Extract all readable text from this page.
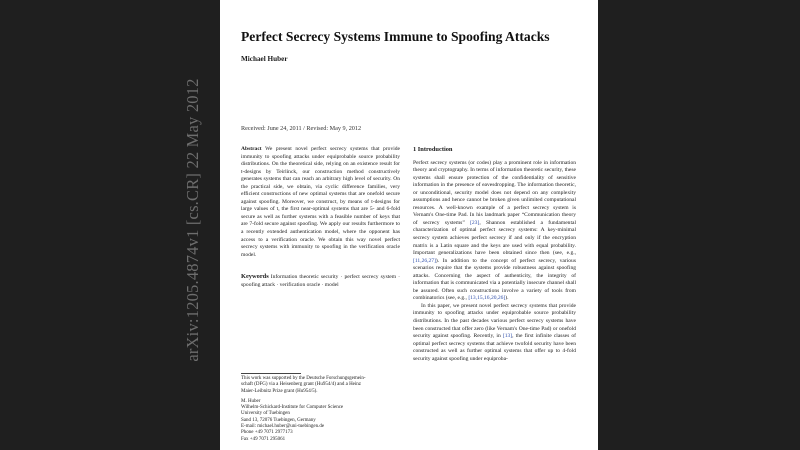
arXiv:1205.4874v1 [cs.CR] 22 May 2012
Perfect Secrecy Systems Immune to Spoofing Attacks
Michael Huber
Received: June 24, 2011 / Revised: May 9, 2012

Abstract We present novel perfect secrecy systems that provide immunity to spoofing attacks under equiprobable source probability distributions. On the theoretical side, relying on an existence result for t-designs by Teirlinck, our construction method constructively generates systems that can reach an arbitrary high level of security. On the practical side, we obtain, via cyclic difference families, very efficient constructions of new optimal systems that are onefold secure against spoofing. Moreover, we construct, by means of t-designs for large values of t, the first near-optimal systems that are 5- and 6-fold secure as well as further systems with a feasible number of keys that are 7-fold secure against spoofing. We apply our results furthermore to a recently extended authentication model, where the opponent has access to a verification oracle. We obtain this way novel perfect secrecy systems with immunity to spoofing in the verification oracle model.

Keywords Information theoretic security · perfect secrecy system · spoofing attack · verification oracle · model

1 Introduction

Perfect secrecy systems (or codes) play a prominent role in information theory and cryptography. In terms of information theoretic security, these systems shall ensure protection of the confidentiality of sensitive information in the presence of eavesdropping. The information theoretic, or unconditional, security model does not depend on any complexity assumptions and hence cannot be broken given unlimited computational resources. A well-known example of a perfect secrecy system is Vernam's One-time Pad. In his landmark paper “Communication theory of secrecy systems” [23], Shannon established a fundamental characterization of optimal perfect secrecy systems: A key-minimal secrecy system achieves perfect secrecy if and only if the encryption matrix is a Latin square and the keys are used with equal probability. Important generalizations have been obtained since then (see, e.g., [11,26,27]). In addition to the concept of perfect secrecy, various scenarios require that the systems provide robustness against spoofing attacks. Concerning the aspect of authenticity, the integrity of information that is communicated via a potentially insecure channel shall be assured. Often such constructions involve a variety of tools from combinatorics (see, e.g., [13,15,16,20,26]).

In this paper, we present novel perfect secrecy systems that provide immunity to spoofing attacks under equiprobable source probability distributions. In the past decades various perfect secrecy systems have been constructed that offer zero (like Vernam's One-time Pad) or onefold security against spoofing. Recently, in [13], the first infinite classes of optimal perfect secrecy systems that achieve twofold security have been constructed as well as further optimal systems that offer up to 4-fold security against spoofing under equiproba-

This work was supported by the Deutsche Forschungsgemein-
schaft (DFG) via a Heisenberg grant (Hu954/4) and a Heinz
Maier-Leibnitz Prize grant (Hu954/5).
M. Huber
Wilhelm-Schickard-Institute for Computer Science
University of Tuebingen
Sand 13, 72076 Tuebingen, Germany
E-mail: michael.huber@uni-tuebingen.de
Phone +49 7071 2977173
Fax +49 7071 295061
